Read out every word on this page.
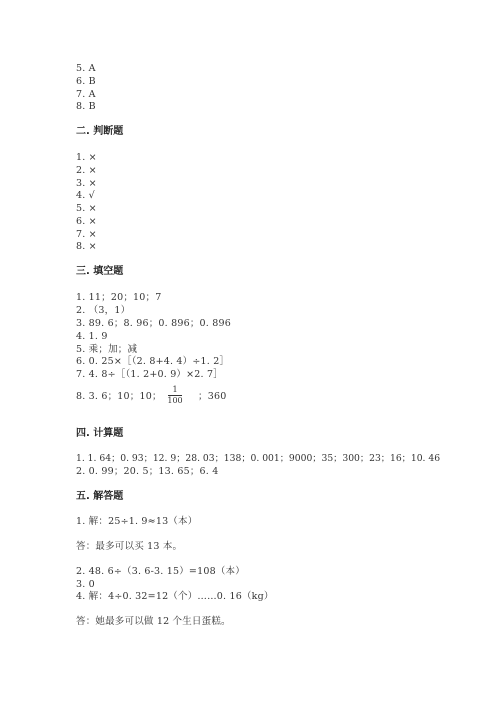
5. A
6. B
7. A
8. B
二. 判断题
1. ×
2. ×
3. ×
4. √
5. ×
6. ×
7. ×
8. ×
三. 填空题
1. 11；20；10；7
2. （3，1）
3. 89. 6；8. 96；0. 896；0. 896
4. 1. 9
5. 乘；加；减
6. 0. 25×［（2. 8+4. 4）÷1. 2］
7. 4. 8÷［（1. 2+0. 9）×2. 7］
8. 3. 6；10；10；
1
100 ；360
四. 计算题
1. 1. 64；0. 93；12. 9；28. 03；138；0. 001；9000；35；300；23；16；10. 46
2. 0. 99；20. 5；13. 65；6. 4
五. 解答题
1. 解：25÷1. 9≈13（本）
答：最多可以买 13 本。
2. 48. 6÷（3. 6-3. 15）=108（本）
3. 0
4. 解：4÷0. 32=12（个）……0. 16（kg）
答：她最多可以做 12 个生日蛋糕。
